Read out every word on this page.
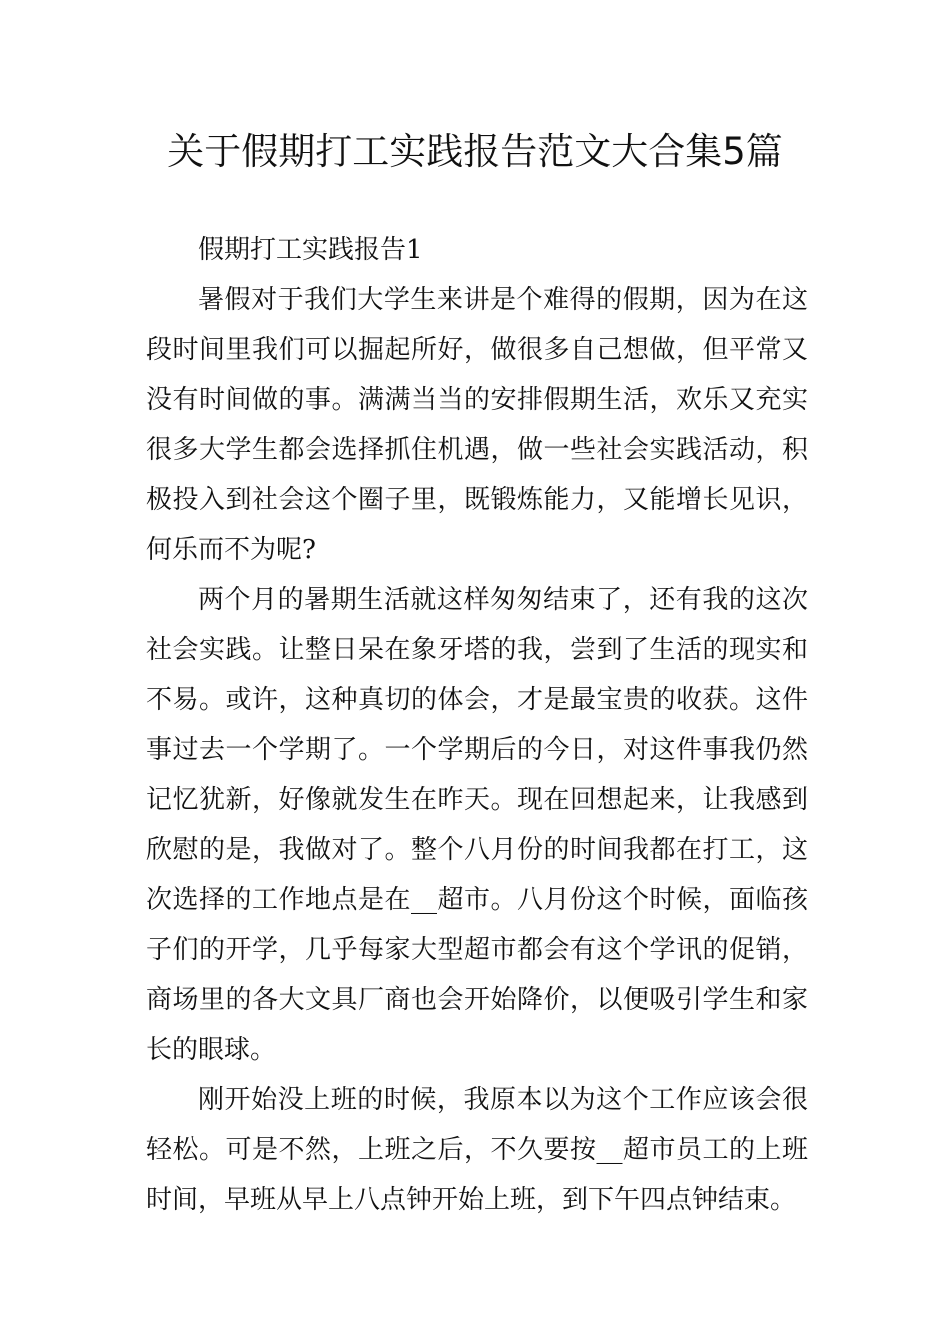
关于假期打工实践报告范文大合集5篇

假期打工实践报告1

暑假对于我们大学生来讲是个难得的假期，因为在这段时间里我们可以掘起所好，做很多自己想做，但平常又没有时间做的事。满满当当的安排假期生活，欢乐又充实很多大学生都会选择抓住机遇，做一些社会实践活动，积极投入到社会这个圈子里，既锻炼能力，又能增长见识，何乐而不为呢?

两个月的暑期生活就这样匆匆结束了，还有我的这次社会实践。让整日呆在象牙塔的我，尝到了生活的现实和不易。或许，这种真切的体会，才是最宝贵的收获。这件事过去一个学期了。一个学期后的今日，对这件事我仍然记忆犹新，好像就发生在昨天。现在回想起来，让我感到欣慰的是，我做对了。整个八月份的时间我都在打工，这次选择的工作地点是在__超市。八月份这个时候，面临孩子们的开学，几乎每家大型超市都会有这个学讯的促销，商场里的各大文具厂商也会开始降价，以便吸引学生和家长的眼球。

刚开始没上班的时候，我原本以为这个工作应该会很轻松。可是不然，上班之后，不久要按__超市员工的上班时间，早班从早上八点钟开始上班，到下午四点钟结束。
